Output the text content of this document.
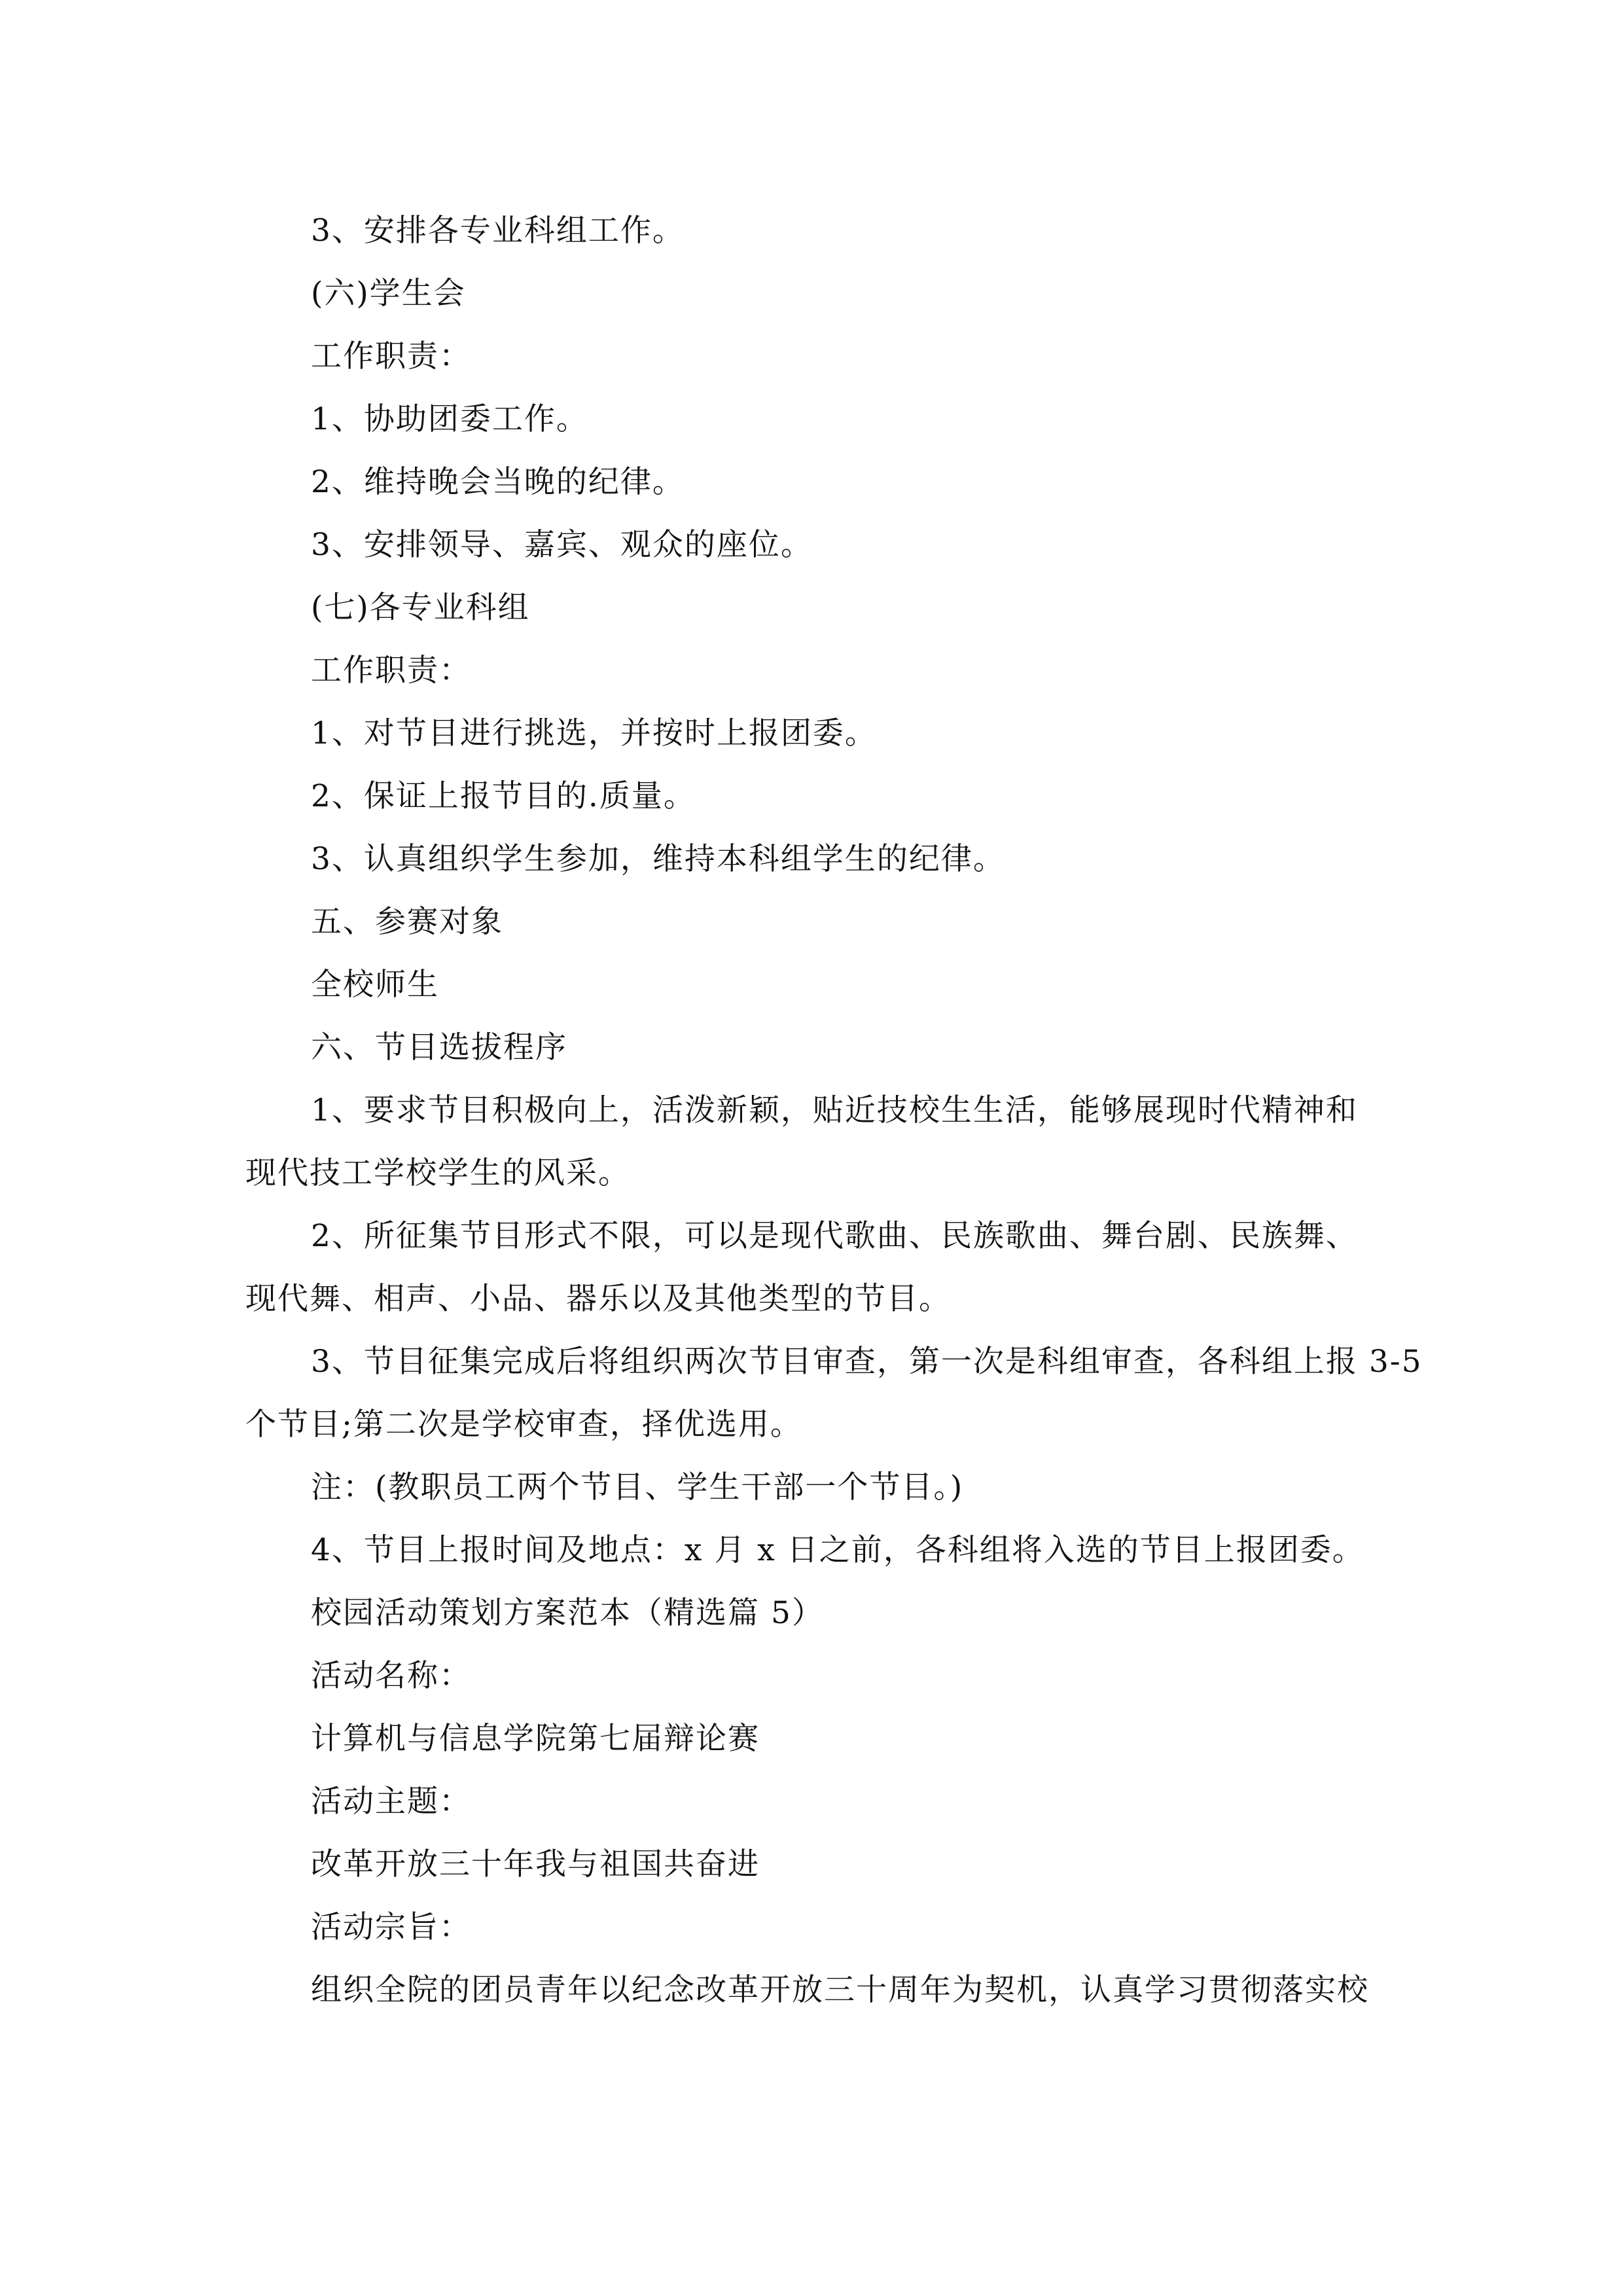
3、安排各专业科组工作。
(六)学生会
工作职责：
1、协助团委工作。
2、维持晚会当晚的纪律。
3、安排领导、嘉宾、观众的座位。
(七)各专业科组
工作职责：
1、对节目进行挑选，并按时上报团委。
2、保证上报节目的.质量。
3、认真组织学生参加，维持本科组学生的纪律。
五、参赛对象
全校师生
六、节目选拔程序
1、要求节目积极向上，活泼新颖，贴近技校生生活，能够展现时代精神和
现代技工学校学生的风采。
2、所征集节目形式不限，可以是现代歌曲、民族歌曲、舞台剧、民族舞、
现代舞、相声、小品、器乐以及其他类型的节目。
3、节目征集完成后将组织两次节目审查，第一次是科组审查，各科组上报 3-5
个节目;第二次是学校审查，择优选用。
注：(教职员工两个节目、学生干部一个节目。)
4、节目上报时间及地点：x 月 x 日之前，各科组将入选的节目上报团委。
校园活动策划方案范本（精选篇 5）
活动名称：
计算机与信息学院第七届辩论赛
活动主题：
改革开放三十年我与祖国共奋进
活动宗旨：
组织全院的团员青年以纪念改革开放三十周年为契机，认真学习贯彻落实校
